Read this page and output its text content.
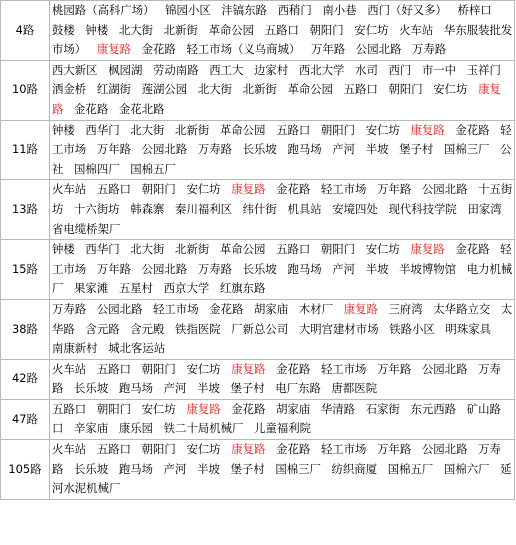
4路	桃园路（高科广场） 锦园小区 沣镐东路 西稍门 南小巷 西门（好又多） 桥梓口 鼓楼 钟楼 北大街 北新街 革命公园 五路口 朝阳门 安仁坊 火车站 华东服装批发市场） 康复路 金花路 轻工市场（义乌商城） 万年路 公园北路 万寿路
10路	西大新区 枫园湖 劳动南路 西工大 边家村 西北大学 水司 西门 市一中 玉祥门 洒金桥 红湖街 莲湖公园 北大街 北新街 革命公园 五路口 朝阳门 安仁坊 康复路 金花路 金花北路
11路	钟楼 西华门 北大街 北新街 革命公园 五路口 朝阳门 安仁坊 康复路 金花路 轻工市场 万年路 公园北路 万寿路 长乐坡 跑马场 产河 半坡 堡子村 国棉三厂 公社 国棉四厂 国棉五厂
13路	火车站 五路口 朝阳门 安仁坊 康复路 金花路 轻工市场 万年路 公园北路 十五街坊 十六街坊 韩森寨 秦川福利区 纬什街 机具站 安境四处 现代科技学院 田家湾 省电缆桥架厂
15路	钟楼 西华门 北大街 北新街 革命公园 五路口 朝阳门 安仁坊 康复路 金花路 轻工市场 万年路 公园北路 万寿路 长乐坡 跑马场 产河 半坡 半坡博物馆 电力机械厂 果家滩 五星村 西京大学 红旗东路
38路	万寿路 公园北路 轻工市场 金花路 胡家庙 木材厂 康复路 三府湾 太华路立交 太华路 含元路 含元殿 铁指医院 厂新总公司 大明宫建材市场 铁路小区 明珠家具 南康新村 城北客运站
42路	火车站 五路口 朝阳门 安仁坊 康复路 金花路 轻工市场 万年路 公园北路 万寿路 长乐坡 跑马场 产河 半坡 堡子村 电厂东路 唐都医院
47路	五路口 朝阳门 安仁坊 康复路 金花路 胡家庙 华清路 石家街 东元西路 矿山路口 辛家庙 康乐园 铁二十局机械厂 儿童福利院
105路	火车站 五路口 朝阳门 安仁坊 康复路 金花路 轻工市场 万年路 公园北路 万寿路 长乐坡 跑马场 产河 半坡 堡子村 国棉三厂 纺织商厦 国棉五厂 国棉六厂 延河水泥机械厂
